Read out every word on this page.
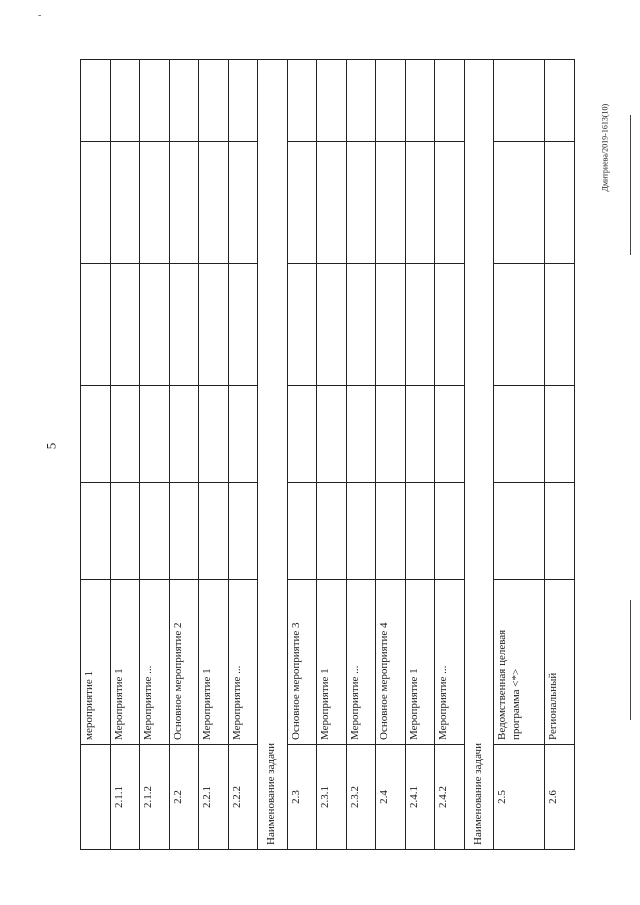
5
Дмитриева/2019-1613(10)
-
	мероприятие 1					
2.1.1	Мероприятие 1					
2.1.2	Мероприятие ...					
2.2	Основное мероприятие 2					
2.2.1	Мероприятие 1					
2.2.2	Мероприятие ...					
Наименование задачи						
2.3	Основное мероприятие 3					
2.3.1	Мероприятие 1					
2.3.2	Мероприятие ...					
2.4	Основное мероприятие 4					
2.4.1	Мероприятие 1					
2.4.2	Мероприятие ...					
Наименование задачи						
2.5	Ведомственная целевая программа <*>					
2.6	Региональный					
